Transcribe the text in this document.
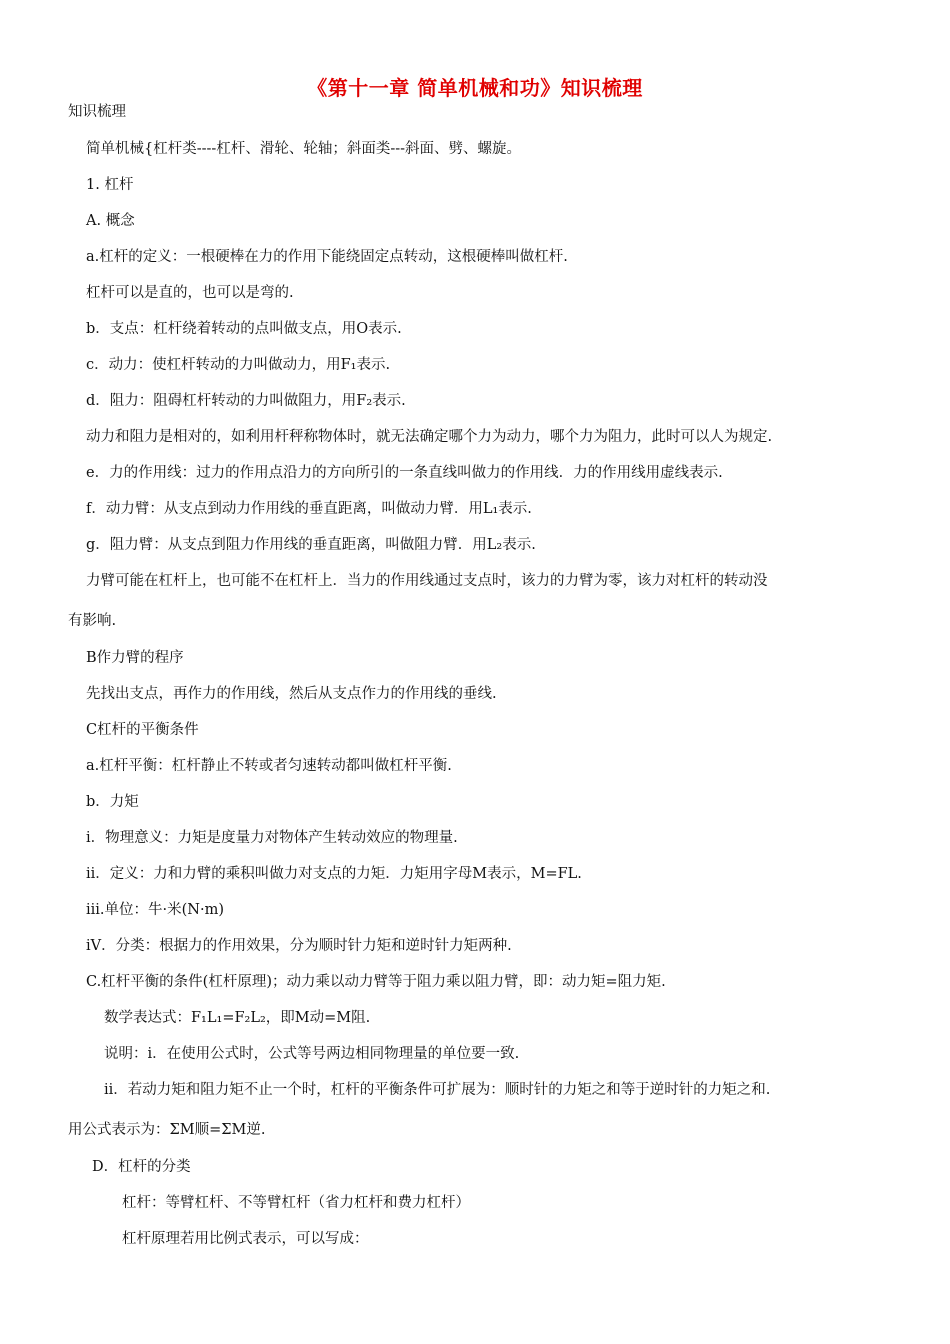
《第十一章 简单机械和功》知识梳理
知识梳理
简单机械{杠杆类----杠杆、滑轮、轮轴；斜面类---斜面、劈、螺旋。
1. 杠杆
A. 概念
a.杠杆的定义：一根硬棒在力的作用下能绕固定点转动，这根硬棒叫做杠杆.
杠杆可以是直的，也可以是弯的.
b．支点：杠杆绕着转动的点叫做支点，用O表示.
c．动力：使杠杆转动的力叫做动力，用F₁表示.
d．阻力：阻碍杠杆转动的力叫做阻力，用F₂表示.
动力和阻力是相对的，如利用杆秤称物体时，就无法确定哪个力为动力，哪个力为阻力，此时可以人为规定.
e．力的作用线：过力的作用点沿力的方向所引的一条直线叫做力的作用线．力的作用线用虚线表示.
f．动力臂：从支点到动力作用线的垂直距离，叫做动力臂．用L₁表示.
g．阻力臂：从支点到阻力作用线的垂直距离，叫做阻力臂．用L₂表示.
力臂可能在杠杆上，也可能不在杠杆上．当力的作用线通过支点时，该力的力臂为零，该力对杠杆的转动没
有影响.
B作力臂的程序
先找出支点，再作力的作用线，然后从支点作力的作用线的垂线.
C杠杆的平衡条件
a.杠杆平衡：杠杆静止不转或者匀速转动都叫做杠杆平衡.
b．力矩
i．物理意义：力矩是度量力对物体产生转动效应的物理量.
ii．定义：力和力臂的乘积叫做力对支点的力矩．力矩用字母M表示，M=FL.
iii.单位：牛·米(N·m)
iV．分类：根据力的作用效果，分为顺时针力矩和逆时针力矩两种.
C.杠杆平衡的条件(杠杆原理)；动力乘以动力臂等于阻力乘以阻力臂，即：动力矩=阻力矩.
数学表达式：F₁L₁=F₂L₂，即M动=M阻.
说明：i．在使用公式时，公式等号两边相同物理量的单位要一致.
ii．若动力矩和阻力矩不止一个时，杠杆的平衡条件可扩展为：顺时针的力矩之和等于逆时针的力矩之和.
用公式表示为：ΣM顺=ΣM逆.
D．杠杆的分类
杠杆：等臂杠杆、不等臂杠杆（省力杠杆和费力杠杆）
杠杆原理若用比例式表示，可以写成：
